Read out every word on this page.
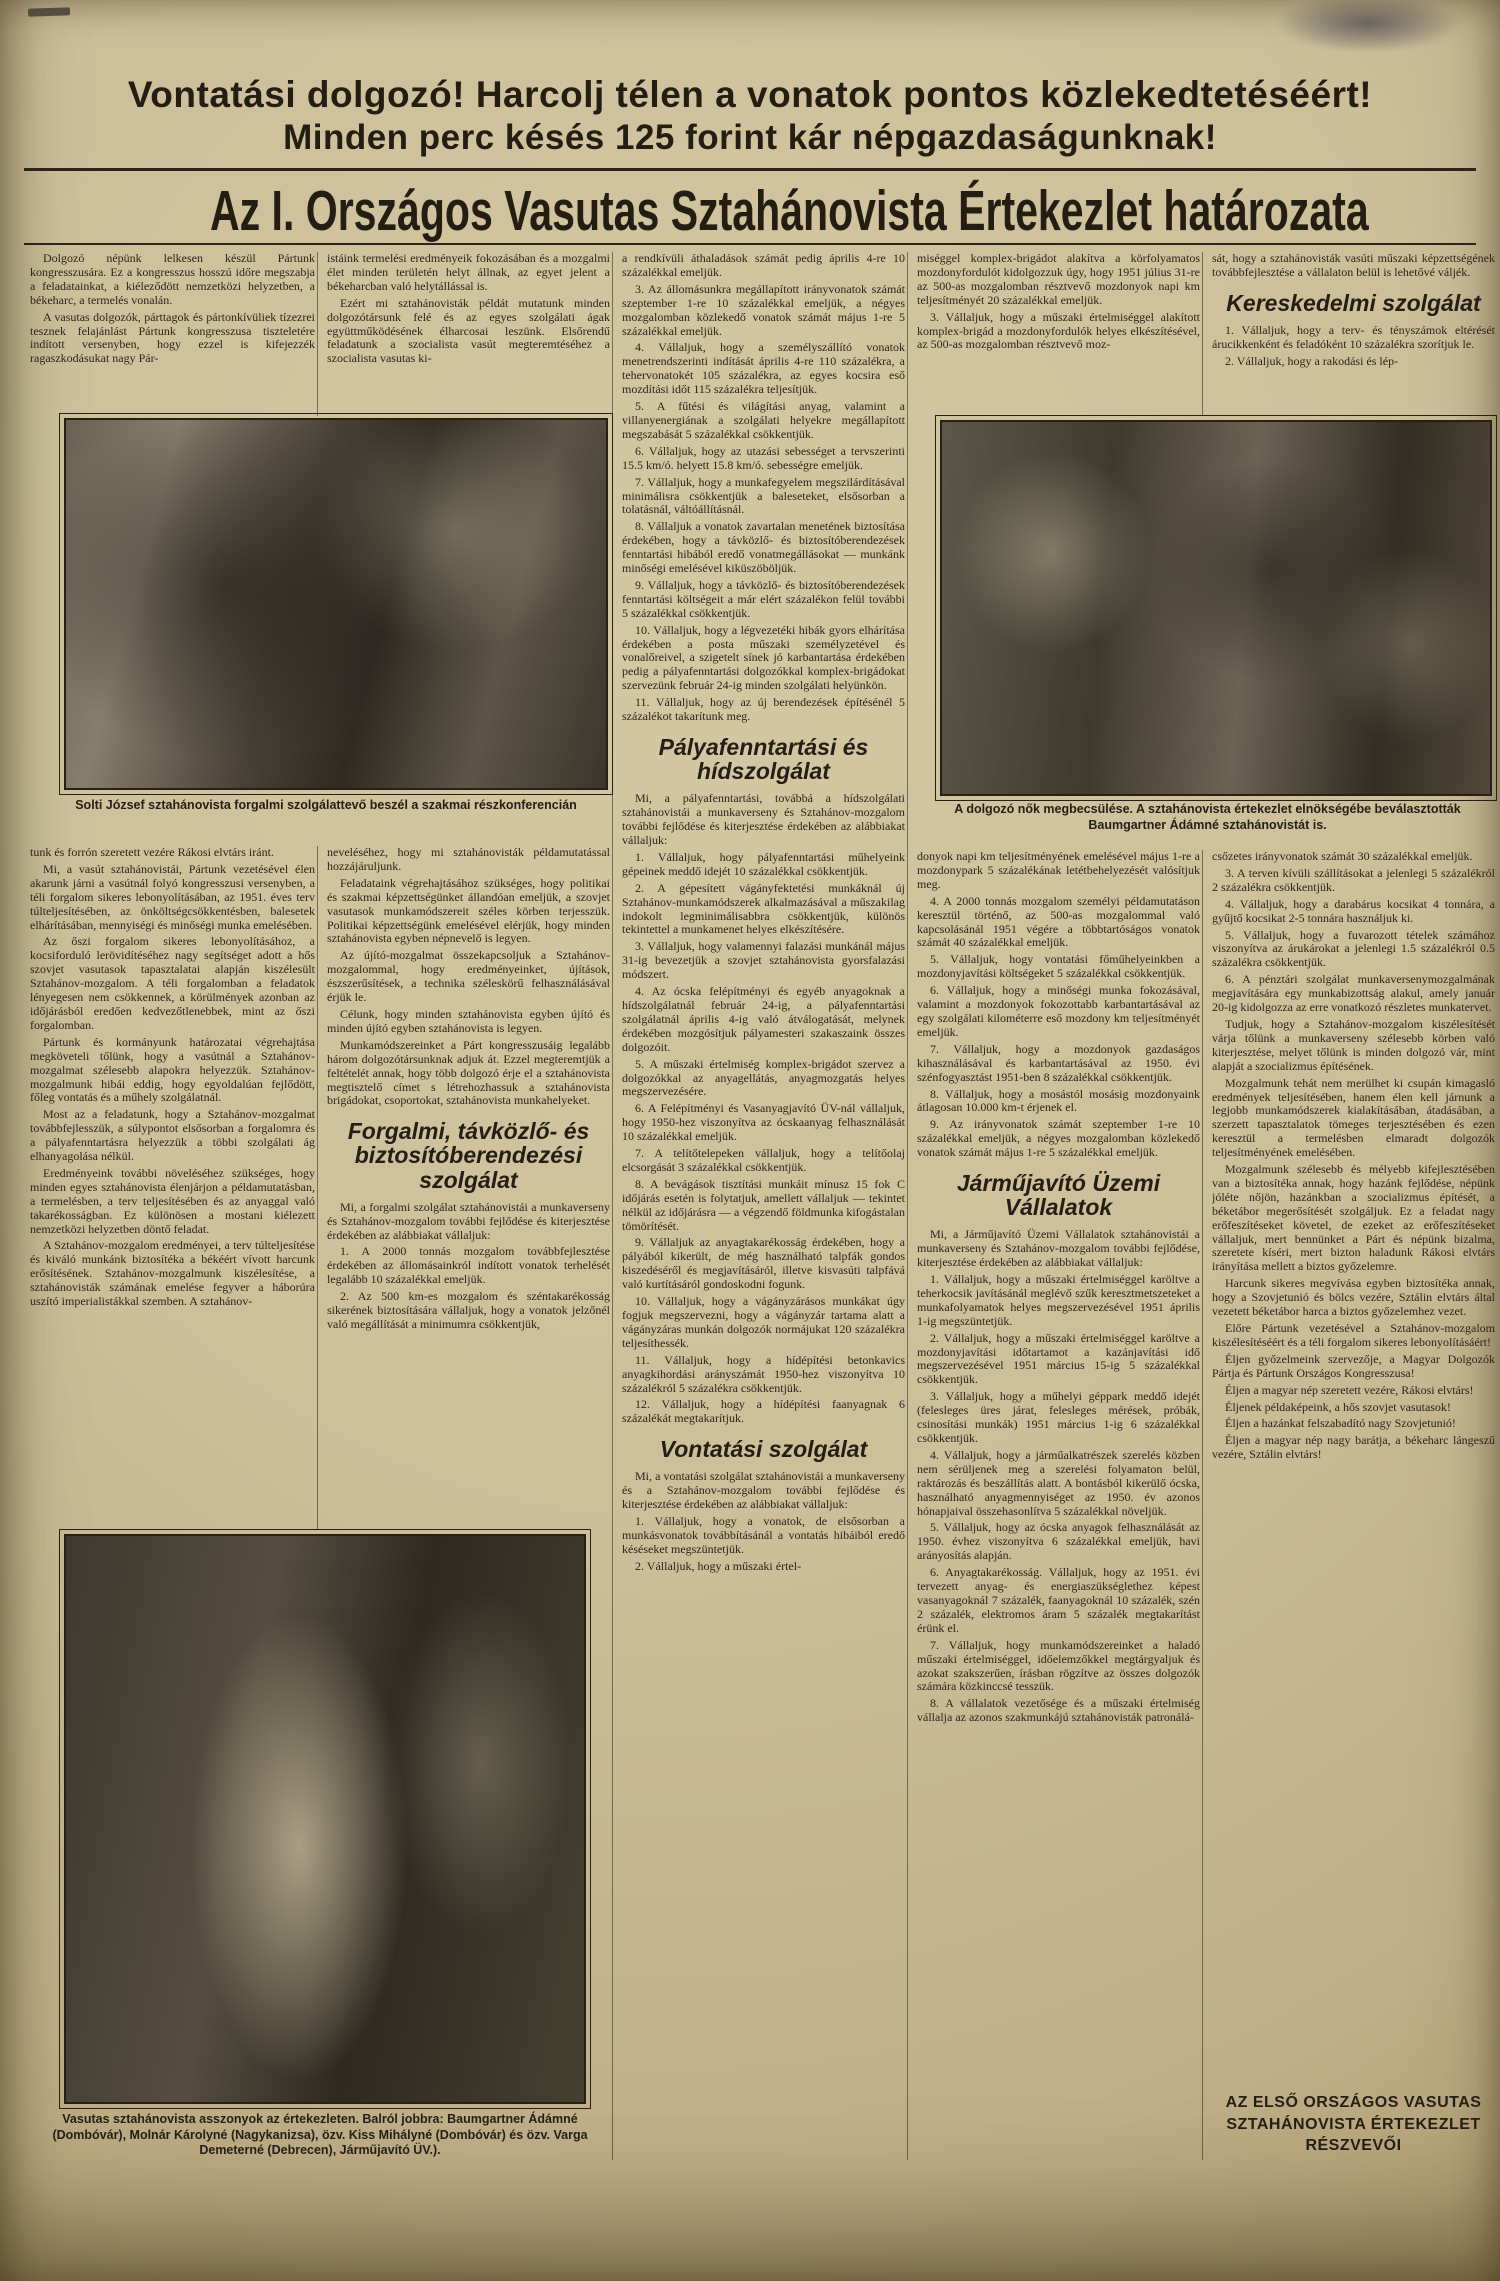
Vontatási dolgozó! Harcolj télen a vonatok pontos közlekedtetéséért!
Minden perc késés 125 forint kár népgazdaságunknak!
Az I. Országos Vasutas Sztahánovista Értekezlet határozata

Dolgozó népünk lelkesen készül Pártunk kongresszusára. Ez a kongresszus hosszú időre megszabja a feladatainkat, a kiéleződött nemzetközi helyzetben, a békeharc, a termelés vonalán.

A vasutas dolgozók, párttagok és pártonkívüliek tízezrei tesznek felajánlást Pártunk kongresszusa tiszteletére indított versenyben, hogy ezzel is kifejezzék ragaszkodásukat nagy Pár-

istáink termelési eredményeik fokozásában és a mozgalmi élet minden területén helyt állnak, az egyet jelent a békeharcban való helytállással is.

Ezért mi sztahánovisták példát mutatunk minden dolgozótársunk felé és az egyes szolgálati ágak együttműködésének élharcosai leszünk. Elsőrendű feladatunk a szocialista vasút megteremtéséhez a szocialista vasutas ki-

tunk és forrón szeretett vezére Rákosi elvtárs iránt.

Mi, a vasút sztahánovistái, Pártunk vezetésével élen akarunk járni a vasútnál folyó kongresszusi versenyben, a téli forgalom sikeres lebonyolításában, az 1951. éves terv túlteljesítésében, az önköltségcsökkentésben, balesetek elhárításában, mennyiségi és minőségi munka emelésében.

Az őszi forgalom sikeres lebonyolításához, a kocsiforduló lerövidítéséhez nagy segítséget adott a hős szovjet vasutasok tapasztalatai alapján kiszélesült Sztahánov-mozgalom. A téli forgalomban a feladatok lényegesen nem csökkennek, a körülmények azonban az időjárásból eredően kedvezőtlenebbek, mint az őszi forgalomban.

Pártunk és kormányunk határozatai végrehajtása megköveteli tőlünk, hogy a vasútnál a Sztahánov-mozgalmat szélesebb alapokra helyezzük. Sztahánov-mozgalmunk hibái eddig, hogy egyoldalúan fejlődött, főleg vontatás és a műhely szolgálatnál.

Most az a feladatunk, hogy a Sztahánov-mozgalmat továbbfejlesszük, a súlypontot elsősorban a forgalomra és a pályafenntartásra helyezzük a többi szolgálati ág elhanyagolása nélkül.

Eredményeink további növeléséhez szükséges, hogy minden egyes sztahánovista élenjárjon a példamutatásban, a termelésben, a terv teljesítésében és az anyaggal való takarékosságban. Ez különösen a mostani kiélezett nemzetközi helyzetben döntő feladat.

A Sztahánov-mozgalom eredményei, a terv túlteljesítése és kiváló munkánk biztosítéka a békéért vívott harcunk erősítésének. Sztahánov-mozgalmunk kiszélesítése, a sztahánovisták számának emelése fegyver a háborúra uszító imperialistákkal szemben. A sztahánov-

neveléséhez, hogy mi sztahánovisták példamutatással hozzájáruljunk.

Feladataink végrehajtásához szükséges, hogy politikai és szakmai képzettségünket állandóan emeljük, a szovjet vasutasok munkamódszereit széles körben terjesszük. Politikai képzettségünk emelésével elérjük, hogy minden sztahánovista egyben népnevelő is legyen.

Az újító-mozgalmat összekapcsoljuk a Sztahánov-mozgalommal, hogy eredményeinket, újítások, észszerűsítések, a technika széleskörű felhasználásával érjük le.

Célunk, hogy minden sztahánovista egyben újító és minden újító egyben sztahánovista is legyen.

Munkamódszereinket a Párt kongresszusáig legalább három dolgozótársunknak adjuk át. Ezzel megteremtjük a feltételét annak, hogy több dolgozó érje el a sztahánovista megtisztelő címet s létrehozhassuk a sztahánovista brigádokat, csoportokat, sztahánovista munkahelyeket.

Forgalmi, távközlő- és biztosítóberendezési szolgálat

Mi, a forgalmi szolgálat sztahánovistái a munkaverseny és Sztahánov-mozgalom további fejlődése és kiterjesztése érdekében az alábbiakat vállaljuk:

1. A 2000 tonnás mozgalom továbbfejlesztése érdekében az állomásainkról indított vonatok terhelését legalább 10 százalékkal emeljük.

2. Az 500 km-es mozgalom és széntakarékosság sikerének biztosítására vállaljuk, hogy a vonatok jelzőnél való megállítását a minimumra csökkentjük,

a rendkívüli áthaladások számát pedig április 4-re 10 százalékkal emeljük.

3. Az állomásunkra megállapított irányvonatok számát szeptember 1-re 10 százalékkal emeljük, a négyes mozgalomban közlekedő vonatok számát május 1-re 5 százalékkal emeljük.

4. Vállaljuk, hogy a személyszállító vonatok menetrendszerinti indítását április 4-re 110 százalékra, a tehervonatokét 105 százalékra, az egyes kocsira eső mozdítási időt 115 százalékra teljesítjük.

5. A fűtési és világítási anyag, valamint a villanyenergiának a szolgálati helyekre megállapított megszabását 5 százalékkal csökkentjük.

6. Vállaljuk, hogy az utazási sebességet a tervszerinti 15.5 km/ó. helyett 15.8 km/ó. sebességre emeljük.

7. Vállaljuk, hogy a munkafegyelem megszilárdításával minimálisra csökkentjük a baleseteket, elsősorban a tolatásnál, váltóállításnál.

8. Vállaljuk a vonatok zavartalan menetének biztosítása érdekében, hogy a távközlő- és biztosítóberendezések fenntartási hibából eredő vonatmegállásokat — munkánk minőségi emelésével kiküszöböljük.

9. Vállaljuk, hogy a távközlő- és biztosítóberendezések fenntartási költségeit a már elért százalékon felül további 5 százalékkal csökkentjük.

10. Vállaljuk, hogy a légvezetéki hibák gyors elhárítása érdekében a posta műszaki személyzetével és vonalőreivel, a szigetelt sínek jó karbantartása érdekében pedig a pályafenntartási dolgozókkal komplex-brigádokat szervezünk február 24-ig minden szolgálati helyünkön.

11. Vállaljuk, hogy az új berendezések építésénél 5 százalékot takarítunk meg.

Pályafenntartási és hídszolgálat

Mi, a pályafenntartási, továbbá a hídszolgálati sztahánovistái a munkaverseny és Sztahánov-mozgalom további fejlődése és kiterjesztése érdekében az alábbiakat vállaljuk:

1. Vállaljuk, hogy pályafenntartási műhelyeink gépeinek meddő idejét 10 százalékkal csökkentjük.

2. A gépesített vágányfektetési munkáknál új Sztahánov-munkamódszerek alkalmazásával a műszakilag indokolt legminimálisabbra csökkentjük, különös tekintettel a munkamenet helyes elkészítésére.

3. Vállaljuk, hogy valamennyi falazási munkánál május 31-ig bevezetjük a szovjet sztahánovista gyorsfalazási módszert.

4. Az ócska felépítményi és egyéb anyagoknak a hídszolgálatnál február 24-ig, a pályafenntartási szolgálatnál április 4-ig való átválogatását, melynek érdekében mozgósítjuk pályamesteri szakaszaink összes dolgozóit.

5. A műszaki értelmiség komplex-brigádot szervez a dolgozókkal az anyagellátás, anyagmozgatás helyes megszervezésére.

6. A Felépítményi és Vasanyagjavító ÜV-nál vállaljuk, hogy 1950-hez viszonyítva az ócskaanyag felhasználását 10 százalékkal emeljük.

7. A telítőtelepeken vállaljuk, hogy a telítőolaj elcsorgását 3 százalékkal csökkentjük.

8. A bevágások tisztítási munkáit mínusz 15 fok C időjárás esetén is folytatjuk, amellett vállaljuk — tekintet nélkül az időjárásra — a végzendő földmunka kifogástalan tömörítését.

9. Vállaljuk az anyagtakarékosság érdekében, hogy a pályából kikerült, de még használható talpfák gondos kiszedéséről és megjavításáról, illetve kisvasúti talpfává való kurtításáról gondoskodni fogunk.

10. Vállaljuk, hogy a vágányzárásos munkákat úgy fogjuk megszervezni, hogy a vágányzár tartama alatt a vágányzáras munkán dolgozók normájukat 120 százalékra teljesíthessék.

11. Vállaljuk, hogy a hídépítési betonkavics anyagkihordási arányszámát 1950-hez viszonyítva 10 százalékról 5 százalékra csökkentjük.

12. Vállaljuk, hogy a hídépítési faanyagnak 6 százalékát megtakarítjuk.

Vontatási szolgálat

Mi, a vontatási szolgálat sztahánovistái a munkaverseny és a Sztahánov-mozgalom további fejlődése és kiterjesztése érdekében az alábbiakat vállaljuk:

1. Vállaljuk, hogy a vonatok, de elsősorban a munkásvonatok továbbításánál a vontatás hibáiból eredő késéseket megszüntetjük.

2. Vállaljuk, hogy a műszaki értel-

miséggel komplex-brigádot alakítva a körfolyamatos mozdonyfordulót kidolgozzuk úgy, hogy 1951 július 31-re az 500-as mozgalomban résztvevő mozdonyok napi km teljesítményét 20 százalékkal emeljük.

3. Vállaljuk, hogy a műszaki értelmiséggel alakított komplex-brigád a mozdonyfordulók helyes elkészítésével, az 500-as mozgalomban résztvevő moz-

donyok napi km teljesítményének emelésével május 1-re a mozdonypark 5 százalékának letétbehelyezését valósítjuk meg.

4. A 2000 tonnás mozgalom személyi példamutatáson keresztül történő, az 500-as mozgalommal való kapcsolásánál 1951 végére a többtartóságos vonatok számát 40 százalékkal emeljük.

5. Vállaljuk, hogy vontatási főműhelyeinkben a mozdonyjavítási költségeket 5 százalékkal csökkentjük.

6. Vállaljuk, hogy a minőségi munka fokozásával, valamint a mozdonyok fokozottabb karbantartásával az egy szolgálati kilométerre eső mozdony km teljesítményét emeljük.

7. Vállaljuk, hogy a mozdonyok gazdaságos kihasználásával és karbantartásával az 1950. évi szénfogyasztást 1951-ben 8 százalékkal csökkentjük.

8. Vállaljuk, hogy a mosástól mosásig mozdonyaink átlagosan 10.000 km-t érjenek el.

9. Az irányvonatok számát szeptember 1-re 10 százalékkal emeljük, a négyes mozgalomban közlekedő vonatok számát május 1-re 5 százalékkal emeljük.

Járműjavító Üzemi Vállalatok

Mi, a Járműjavító Üzemi Vállalatok sztahánovistái a munkaverseny és Sztahánov-mozgalom további fejlődése, kiterjesztése érdekében az alábbiakat vállaljuk:

1. Vállaljuk, hogy a műszaki értelmiséggel karöltve a teherkocsik javításánál meglévő szűk keresztmetszeteket a munkafolyamatok helyes megszervezésével 1951 április 1-ig megszüntetjük.

2. Vállaljuk, hogy a műszaki értelmiséggel karöltve a mozdonyjavítási időtartamot a kazánjavítási idő megszervezésével 1951 március 15-ig 5 százalékkal csökkentjük.

3. Vállaljuk, hogy a műhelyi géppark meddő idejét (felesleges üres járat, felesleges mérések, próbák, csinosítási munkák) 1951 március 1-ig 6 százalékkal csökkentjük.

4. Vállaljuk, hogy a járműalkatrészek szerelés közben nem sérüljenek meg a szerelési folyamaton belül, raktározás és beszállítás alatt. A bontásból kikerülő ócska, használható anyagmennyiséget az 1950. év azonos hónapjaival összehasonlítva 5 százalékkal növeljük.

5. Vállaljuk, hogy az ócska anyagok felhasználását az 1950. évhez viszonyítva 6 százalékkal emeljük, havi arányosítás alapján.

6. Anyagtakarékosság. Vállaljuk, hogy az 1951. évi tervezett anyag- és energiaszükséglethez képest vasanyagoknál 7 százalék, faanyagoknál 10 százalék, szén 2 százalék, elektromos áram 5 százalék megtakarítást érünk el.

7. Vállaljuk, hogy munkamódszereinket a haladó műszaki értelmiséggel, időelemzőkkel megtárgyaljuk és azokat szakszerűen, írásban rögzítve az összes dolgozók számára közkinccsé tesszük.

8. A vállalatok vezetősége és a műszaki értelmiség vállalja az azonos szakmunkájú sztahánovisták patronálá-

sát, hogy a sztahánovisták vasúti műszaki képzettségének továbbfejlesztése a vállalaton belül is lehetővé váljék.

Kereskedelmi szolgálat

1. Vállaljuk, hogy a terv- és tényszámok eltérését árucikkenként és feladóként 10 százalékra szorítjuk le.

2. Vállaljuk, hogy a rakodási és lép-

csőzetes irányvonatok számát 30 százalékkal emeljük.

3. A terven kívüli szállításokat a jelenlegi 5 százalékról 2 százalékra csökkentjük.

4. Vállaljuk, hogy a darabárus kocsikat 4 tonnára, a gyűjtő kocsikat 2-5 tonnára használjuk ki.

5. Vállaljuk, hogy a fuvarozott tételek számához viszonyítva az árukárokat a jelenlegi 1.5 százalékról 0.5 százalékra csökkentjük.

6. A pénztári szolgálat munkaversenymozgalmának megjavítására egy munkabizottság alakul, amely január 20-ig kidolgozza az erre vonatkozó részletes munkatervet.

Tudjuk, hogy a Sztahánov-mozgalom kiszélesítését várja tőlünk a munkaverseny szélesebb körben való kiterjesztése, melyet tőlünk is minden dolgozó vár, mint alapját a szocializmus építésének.

Mozgalmunk tehát nem merülhet ki csupán kimagasló eredmények teljesítésében, hanem élen kell járnunk a legjobb munkamódszerek kialakításában, átadásában, a szerzett tapasztalatok tömeges terjesztésében és ezen keresztül a termelésben elmaradt dolgozók teljesítményének emelésében.

Mozgalmunk szélesebb és mélyebb kifejlesztésében van a biztosítéka annak, hogy hazánk fejlődése, népünk jóléte nőjön, hazánkban a szocializmus építését, a béketábor megerősítését szolgáljuk. Ez a feladat nagy erőfeszítéseket követel, de ezeket az erőfeszítéseket vállaljuk, mert bennünket a Párt és népünk bizalma, szeretete kíséri, mert bizton haladunk Rákosi elvtárs irányítása mellett a biztos győzelemre.

Harcunk sikeres megvívása egyben biztosítéka annak, hogy a Szovjetunió és bölcs vezére, Sztálin elvtárs által vezetett béketábor harca a biztos győzelemhez vezet.

Előre Pártunk vezetésével a Sztahánov-mozgalom kiszélesítéséért és a téli forgalom sikeres lebonyolításáért!

Éljen győzelmeink szervezője, a Magyar Dolgozók Pártja és Pártunk Országos Kongresszusa!

Éljen a magyar nép szeretett vezére, Rákosi elvtárs!

Éljenek példaképeink, a hős szovjet vasutasok!

Éljen a hazánkat felszabadító nagy Szovjetunió!

Éljen a magyar nép nagy barátja, a békeharc lángeszű vezére, Sztálin elvtárs!

Solti József sztahánovista forgalmi szolgálattevő beszél a szakmai részkonferencián	A dolgozó nők megbecsülése. A sztahánovista értekezlet elnökségébe beválasztották Baumgartner Ádámné sztahánovistát is.
Vasutas sztahánovista asszonyok az értekezleten. Balról jobbra: Baumgartner Ádámné (Dombóvár), Molnár Károlyné (Nagykanizsa), özv. Kiss Mihályné (Dombóvár) és özv. Varga Demeterné (Debrecen), Járműjavító ÜV.).
AZ ELSŐ ORSZÁGOS VASUTAS SZTAHÁNOVISTA ÉRTEKEZLET RÉSZVEVŐI
